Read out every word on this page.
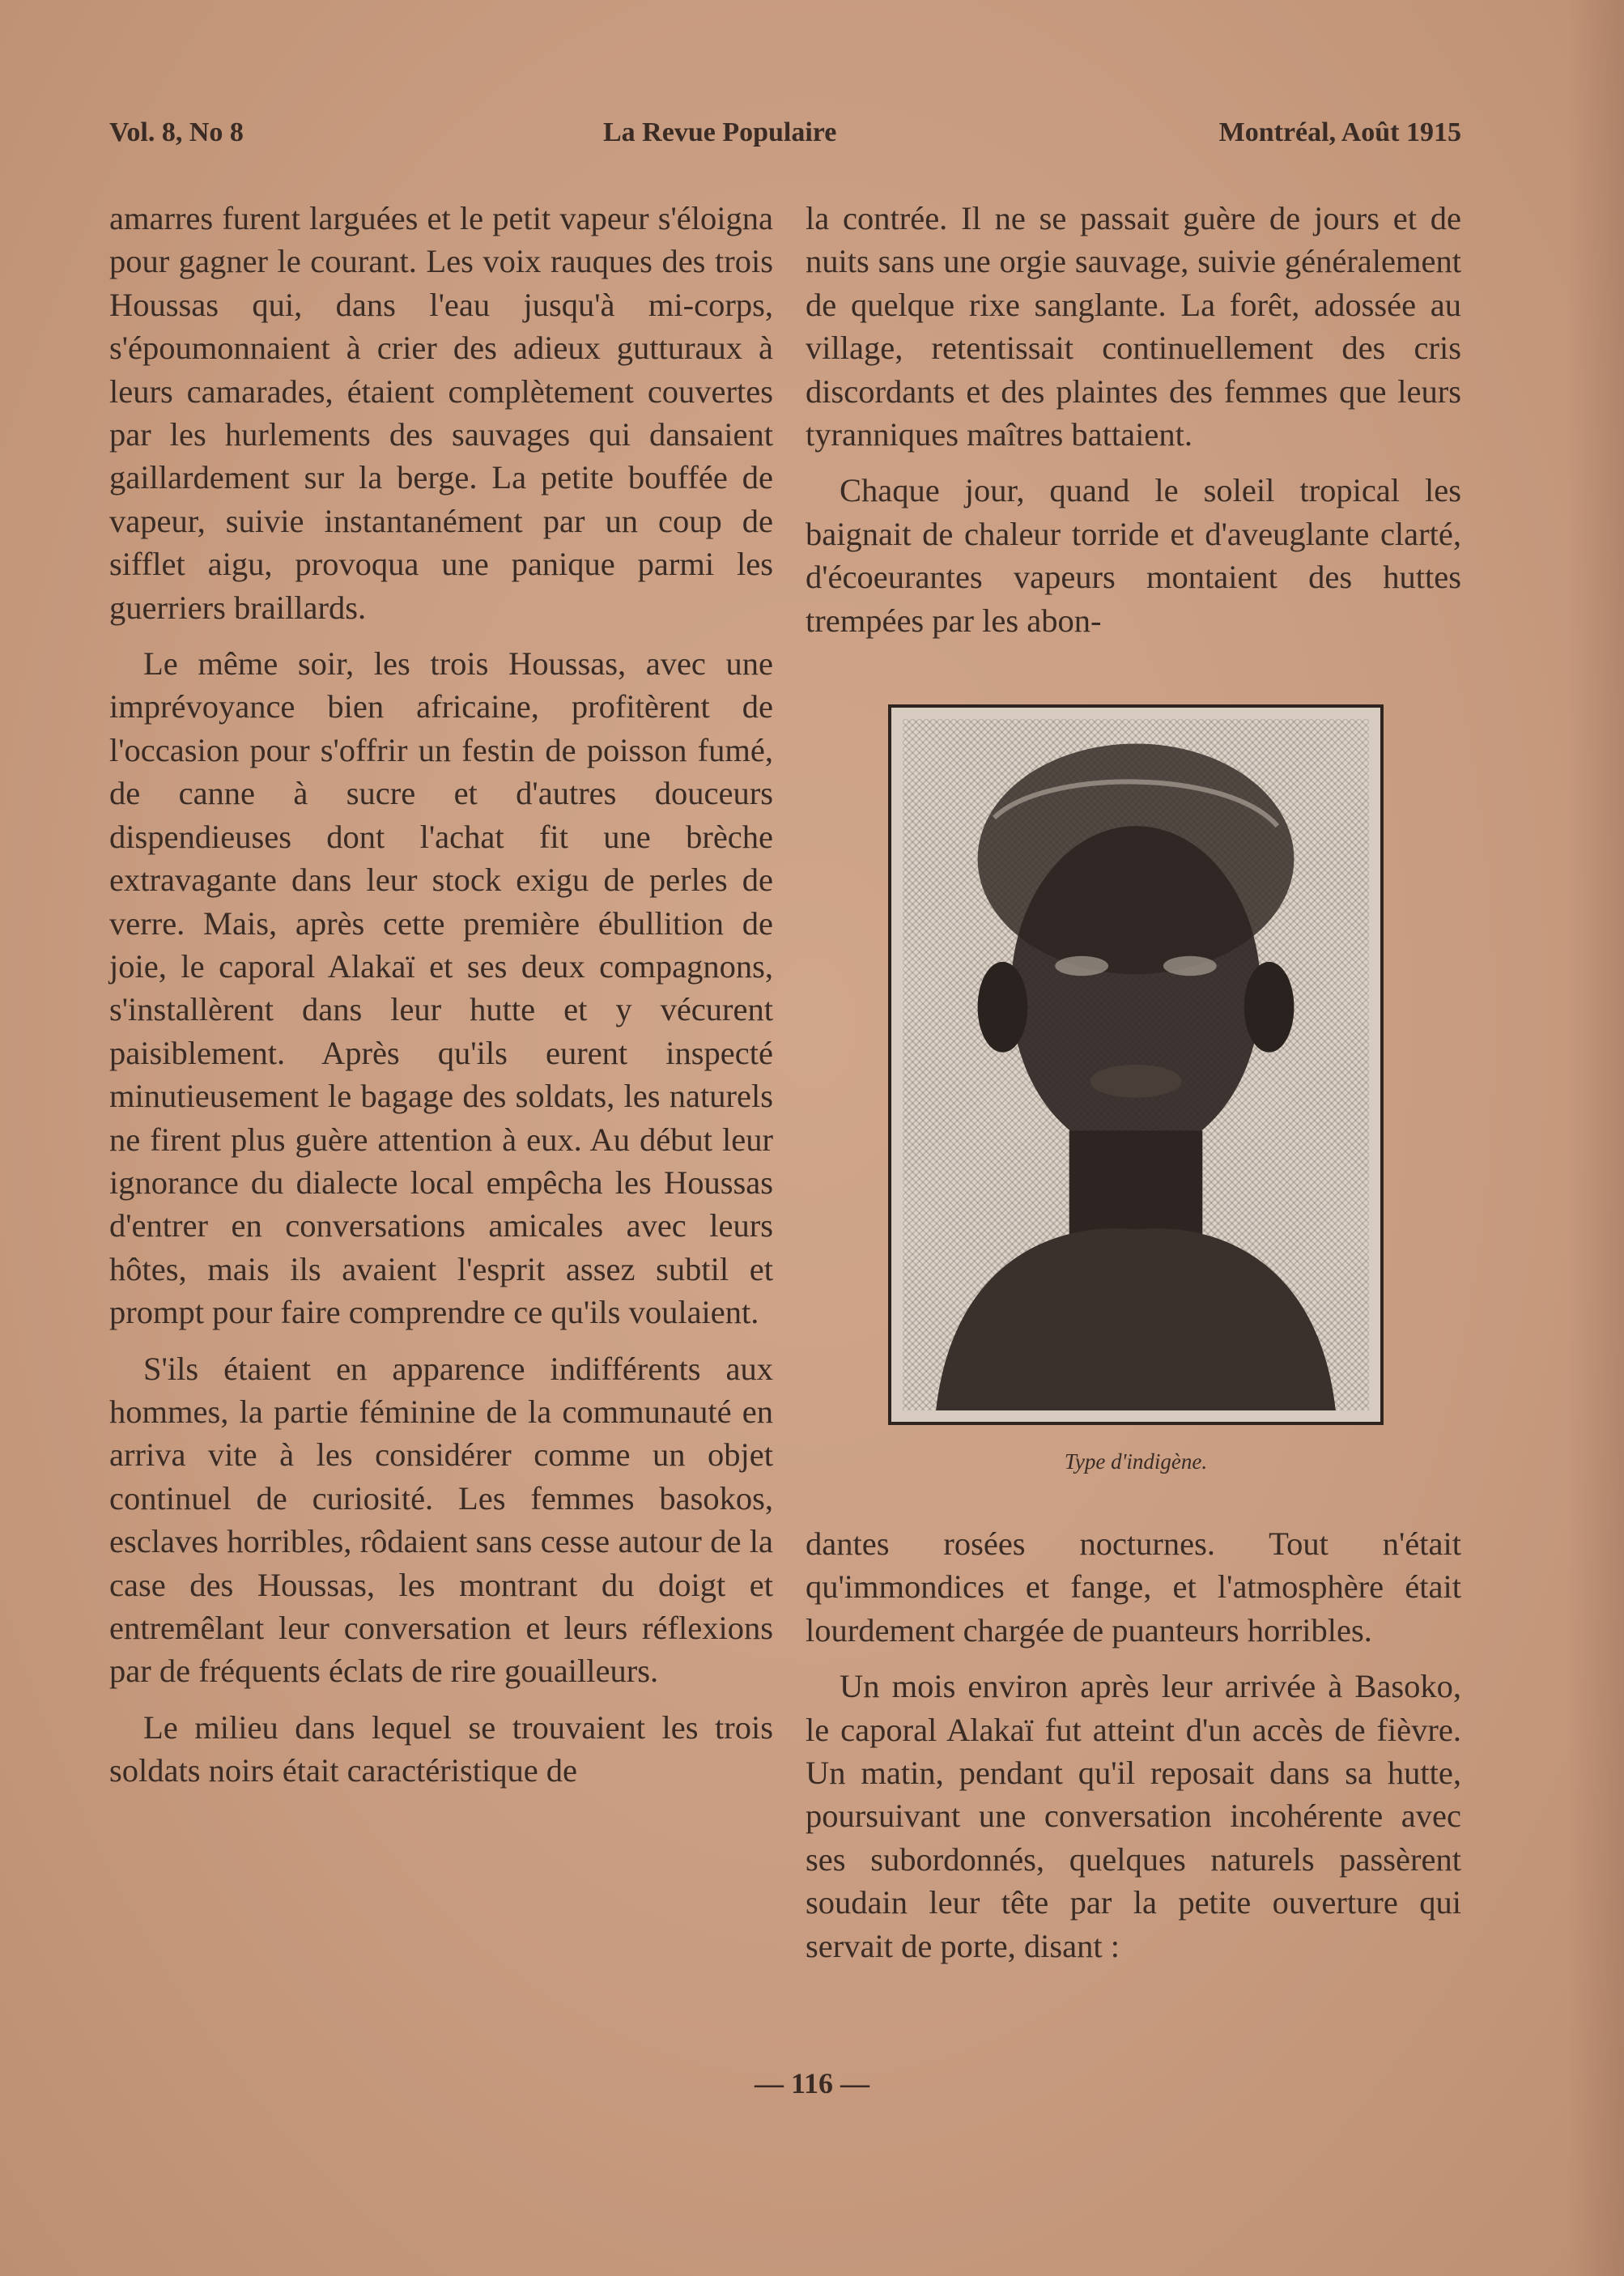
Vol. 8, No 8	La Revue Populaire	Montréal, Août 1915

amarres furent larguées et le petit vapeur s'éloigna pour gagner le courant. Les voix rauques des trois Houssas qui, dans l'eau jusqu'à mi-corps, s'époumonnaient à crier des adieux gutturaux à leurs camarades, étaient complètement couvertes par les hurlements des sauvages qui dansaient gaillardement sur la berge. La petite bouffée de vapeur, suivie instantanément par un coup de sifflet aigu, provoqua une panique parmi les guerriers braillards.

Le même soir, les trois Houssas, avec une imprévoyance bien africaine, profitèrent de l'occasion pour s'offrir un festin de poisson fumé, de canne à sucre et d'autres douceurs dispendieuses dont l'achat fit une brèche extravagante dans leur stock exigu de perles de verre. Mais, après cette première ébullition de joie, le caporal Alakaï et ses deux compagnons, s'installèrent dans leur hutte et y vécurent paisiblement. Après qu'ils eurent inspecté minutieusement le bagage des soldats, les naturels ne firent plus guère attention à eux. Au début leur ignorance du dialecte local empêcha les Houssas d'entrer en conversations amicales avec leurs hôtes, mais ils avaient l'esprit assez subtil et prompt pour faire comprendre ce qu'ils voulaient.

S'ils étaient en apparence indifférents aux hommes, la partie féminine de la communauté en arriva vite à les considérer comme un objet continuel de curiosité. Les femmes basokos, esclaves horribles, rôdaient sans cesse autour de la case des Houssas, les montrant du doigt et entremêlant leur conversation et leurs réflexions par de fréquents éclats de rire gouailleurs.

Le milieu dans lequel se trouvaient les trois soldats noirs était caractéristique de

la contrée. Il ne se passait guère de jours et de nuits sans une orgie sauvage, suivie généralement de quelque rixe sanglante. La forêt, adossée au village, retentissait continuellement des cris discordants et des plaintes des femmes que leurs tyranniques maîtres battaient.

Chaque jour, quand le soleil tropical les baignait de chaleur torride et d'aveuglante clarté, d'écoeurantes vapeurs montaient des huttes trempées par les abon-

Type d'indigène.

dantes rosées nocturnes. Tout n'était qu'immondices et fange, et l'atmosphère était lourdement chargée de puanteurs horribles.

Un mois environ après leur arrivée à Basoko, le caporal Alakaï fut atteint d'un accès de fièvre. Un matin, pendant qu'il reposait dans sa hutte, poursuivant une conversation incohérente avec ses subordonnés, quelques naturels passèrent soudain leur tête par la petite ouverture qui servait de porte, disant :

— 116 —
